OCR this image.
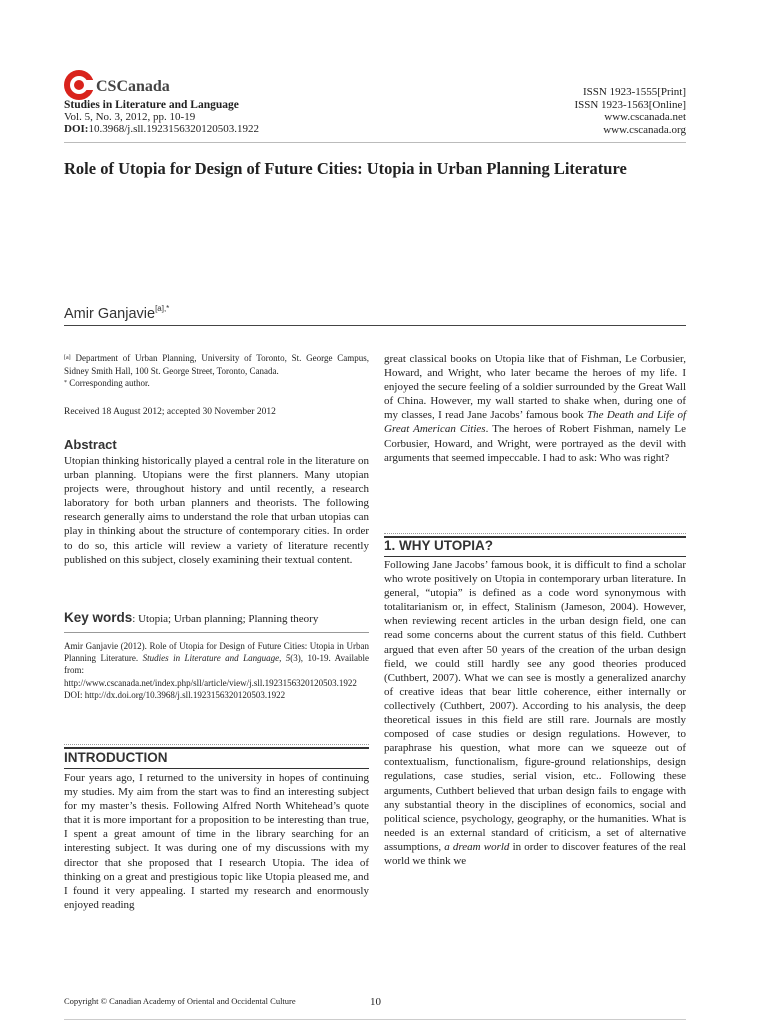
CSCanada
Studies in Literature and Language
Vol. 5, No. 3, 2012, pp. 10-19
DOI:10.3968/j.sll.1923156320120503.1922
ISSN 1923-1555[Print]
ISSN 1923-1563[Online]
www.cscanada.net
www.cscanada.org
Role of Utopia for Design of Future Cities: Utopia in Urban Planning Literature
Amir Ganjavie$^{[a],*}$
[a] Department of Urban Planning, University of Toronto, St. George Campus, Sidney Smith Hall, 100 St. George Street, Toronto, Canada.
* Corresponding author.
Received 18 August 2012; accepted 30 November 2012
Abstract
Utopian thinking historically played a central role in the literature on urban planning. Utopians were the first planners. Many utopian projects were, throughout history and until recently, a research laboratory for both urban planners and theorists. The following research generally aims to understand the role that urban utopias can play in thinking about the structure of contemporary cities. In order to do so, this article will review a variety of literature recently published on this subject, closely examining their textual content.
Key words: Utopia; Urban planning; Planning theory
Amir Ganjavie (2012). Role of Utopia for Design of Future Cities: Utopia in Urban Planning Literature. Studies in Literature and Language, 5(3), 10-19. Available from: http://www.cscanada.net/index.php/sll/article/view/j.sll.1923156320120503.1922 DOI: http://dx.doi.org/10.3968/j.sll.1923156320120503.1922
INTRODUCTION
Four years ago, I returned to the university in hopes of continuing my studies. My aim from the start was to find an interesting subject for my master’s thesis. Following Alfred North Whitehead’s quote that it is more important for a proposition to be interesting than true, I spent a great amount of time in the library searching for an interesting subject. It was during one of my discussions with my director that she proposed that I research Utopia. The idea of thinking on a great and prestigious topic like Utopia pleased me, and I found it very appealing. I started my research and enormously enjoyed reading
great classical books on Utopia like that of Fishman, Le Corbusier, Howard, and Wright, who later became the heroes of my life. I enjoyed the secure feeling of a soldier surrounded by the Great Wall of China. However, my wall started to shake when, during one of my classes, I read Jane Jacobs’ famous book The Death and Life of Great American Cities. The heroes of Robert Fishman, namely Le Corbusier, Howard, and Wright, were portrayed as the devil with arguments that seemed impeccable. I had to ask: Who was right?
1. WHY UTOPIA?
Following Jane Jacobs’ famous book, it is difficult to find a scholar who wrote positively on Utopia in contemporary urban literature. In general, “utopia” is defined as a code word synonymous with totalitarianism or, in effect, Stalinism (Jameson, 2004). However, when reviewing recent articles in the urban design field, one can read some concerns about the current status of this field. Cuthbert argued that even after 50 years of the creation of the urban design field, we could still hardly see any good theories produced (Cuthbert, 2007). What we can see is mostly a generalized anarchy of creative ideas that bear little coherence, either internally or collectively (Cuthbert, 2007). According to his analysis, the deep theoretical issues in this field are still rare. Journals are mostly composed of case studies or design regulations. However, to paraphrase his question, what more can we squeeze out of contextualism, functionalism, figure-ground relationships, design regulations, case studies, serial vision, etc.. Following these arguments, Cuthbert believed that urban design fails to engage with any substantial theory in the disciplines of economics, social and political science, psychology, geography, or the humanities. What is needed is an external standard of criticism, a set of alternative assumptions, a dream world in order to discover features of the real world we think we
Copyright © Canadian Academy of Oriental and Occidental Culture	10
